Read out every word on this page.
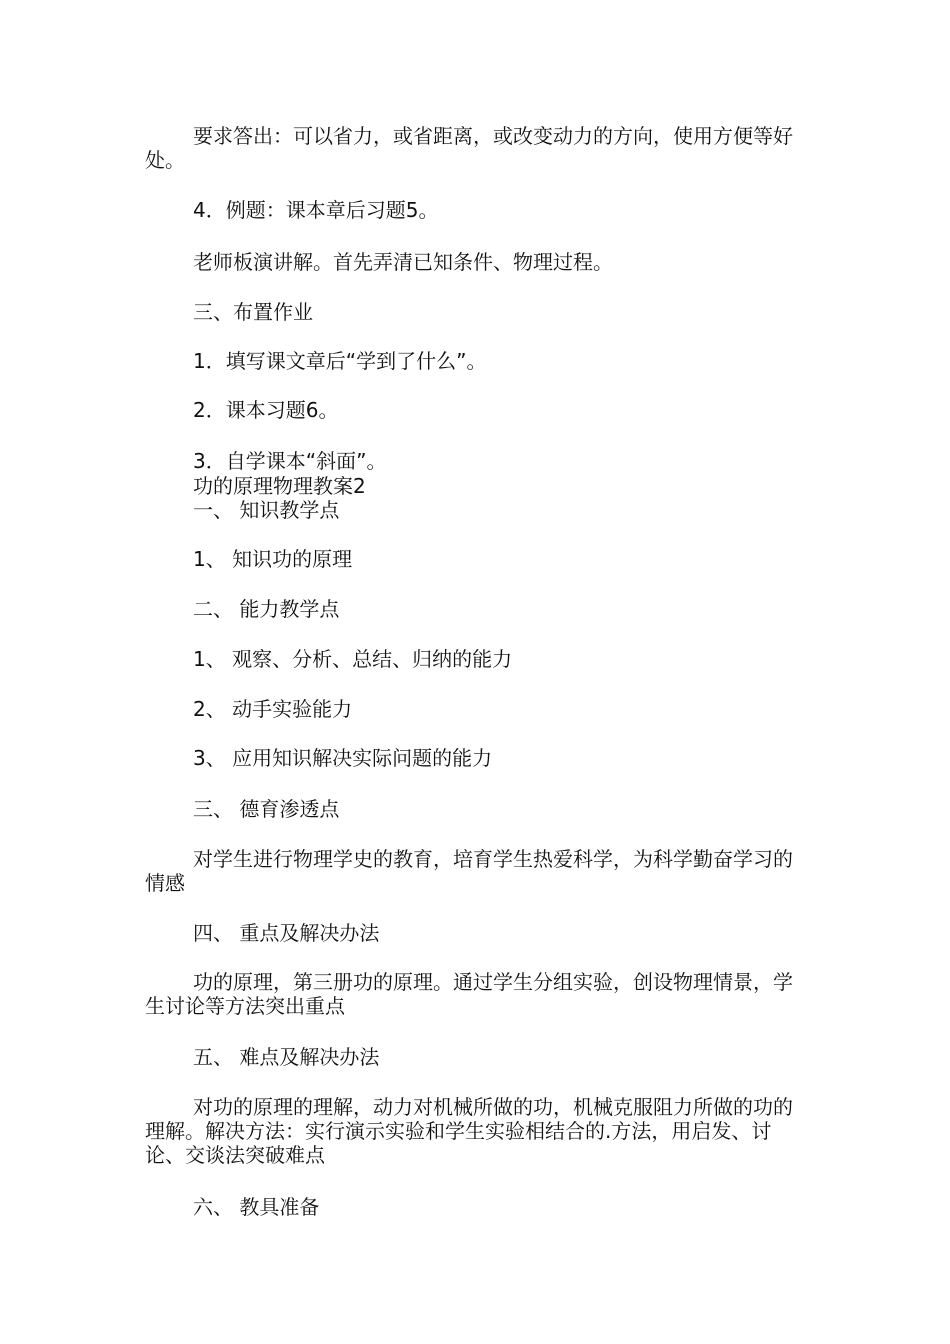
要求答出：可以省力，或省距离，或改变动力的方向，使用方便等好处。

4．例题：课本章后习题5。

老师板演讲解。首先弄清已知条件、物理过程。

三、布置作业

1．填写课文章后“学到了什么”。

2．课本习题6。

3．自学课本“斜面”。

功的原理物理教案2

一、 知识教学点

1、 知识功的原理

二、 能力教学点

1、 观察、分析、总结、归纳的能力

2、 动手实验能力

3、 应用知识解决实际问题的能力

三、 德育渗透点

对学生进行物理学史的教育，培育学生热爱科学，为科学勤奋学习的情感

四、 重点及解决办法

功的原理，第三册功的原理。通过学生分组实验，创设物理情景，学生讨论等方法突出重点

五、 难点及解决办法

对功的原理的理解，动力对机械所做的功，机械克服阻力所做的功的理解。解决方法：实行演示实验和学生实验相结合的.方法，用启发、讨论、交谈法突破难点

六、 教具准备
